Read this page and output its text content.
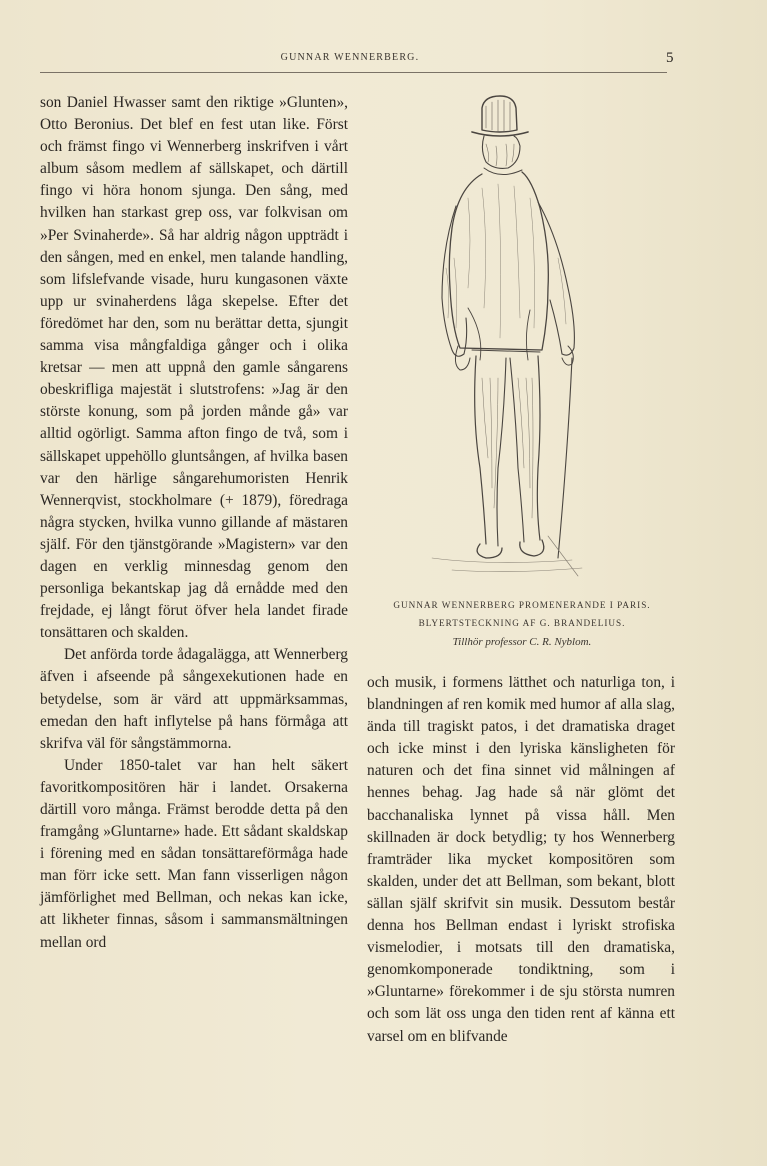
GUNNAR WENNERBERG.	5

son Daniel Hwasser samt den riktige »Glunten», Otto Beronius. Det blef en fest utan like. Först och främst fingo vi Wennerberg inskrifven i vårt album såsom medlem af sällskapet, och därtill fingo vi höra honom sjunga. Den sång, med hvilken han starkast grep oss, var folkvisan om »Per Svinaherde». Så har aldrig någon uppträdt i den sången, med en enkel, men talande handling, som lifslefvande visade, huru kungasonen växte upp ur svinaherdens låga skepelse. Efter det föredömet har den, som nu berättar detta, sjungit samma visa mångfaldiga gånger och i olika kretsar — men att uppnå den gamle sångarens obeskrifliga majestät i slutstrofens: »Jag är den störste konung, som på jorden månde gå» var alltid ogörligt. Samma afton fingo de två, som i sällskapet uppehöllo gluntsången, af hvilka basen var den härlige sångarehumoristen Henrik Wennerqvist, stockholmare (+ 1879), föredraga några stycken, hvilka vunno gillande af mästaren själf. För den tjänstgörande »Magistern» var den dagen en verklig minnesdag genom den personliga bekantskap jag då ernådde med den frejdade, ej långt förut öfver hela landet firade tonsättaren och skalden.

Det anförda torde ådagalägga, att Wennerberg äfven i afseende på sångexekutionen hade en betydelse, som är värd att uppmärksammas, emedan den haft inflytelse på hans förmåga att skrifva väl för sångstämmorna.

Under 1850-talet var han helt säkert favoritkompositören här i landet. Orsakerna därtill voro många. Främst berodde detta på den framgång »Gluntarne» hade. Ett sådant skaldskap i förening med en sådan tonsättareförmåga hade man förr icke sett. Man fann visserligen någon jämförlighet med Bellman, och nekas kan icke, att likheter finnas, såsom i sammansmältningen mellan ord

GUNNAR WENNERBERG PROMENERANDE I PARIS.
BLYERTSTECKNING AF G. BRANDELIUS.
Tillhör professor C. R. Nyblom.

och musik, i formens lätthet och naturliga ton, i blandningen af ren komik med humor af alla slag, ända till tragiskt patos, i det dramatiska draget och icke minst i den lyriska känsligheten för naturen och det fina sinnet vid målningen af hennes behag. Jag hade så när glömt det bacchanaliska lynnet på vissa håll. Men skillnaden är dock betydlig; ty hos Wennerberg framträder lika mycket kompositören som skalden, under det att Bellman, som bekant, blott sällan själf skrifvit sin musik. Dessutom består denna hos Bellman endast i lyriskt strofiska vismelodier, i motsats till den dramatiska, genomkomponerade tondiktning, som i »Gluntarne» förekommer i de sju största numren och som lät oss unga den tiden rent af känna ett varsel om en blifvande
